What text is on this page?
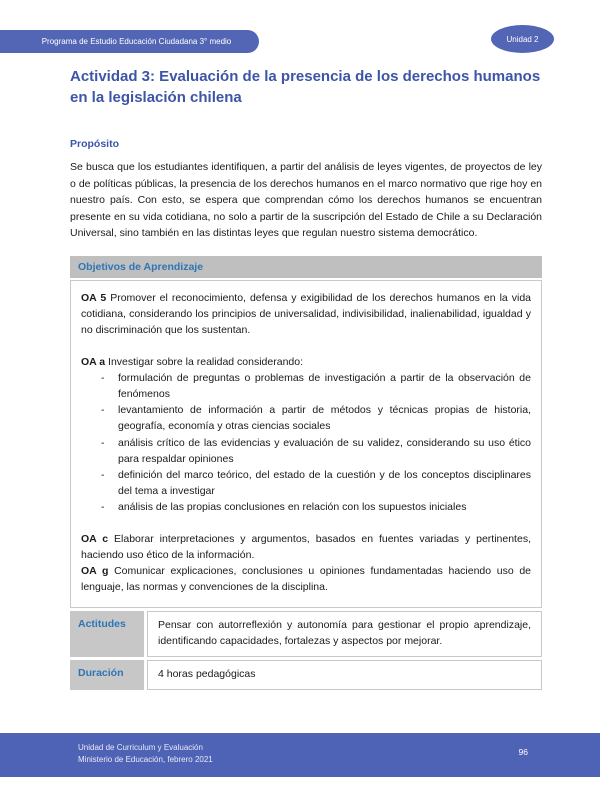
Programa de Estudio Educación Ciudadana 3° medio	Unidad 2
Actividad 3: Evaluación de la presencia de los derechos humanos en la legislación chilena
Propósito

Se busca que los estudiantes identifiquen, a partir del análisis de leyes vigentes, de proyectos de ley o de políticas públicas, la presencia de los derechos humanos en el marco normativo que rige hoy en nuestro país. Con esto, se espera que comprendan cómo los derechos humanos se encuentran presente en su vida cotidiana, no solo a partir de la suscripción del Estado de Chile a su Declaración Universal, sino también en las distintas leyes que regulan nuestro sistema democrático.

Objetivos de Aprendizaje

OA 5 Promover el reconocimiento, defensa y exigibilidad de los derechos humanos en la vida cotidiana, considerando los principios de universalidad, indivisibilidad, inalienabilidad, igualdad y no discriminación que los sustentan.

OA a Investigar sobre la realidad considerando:

- formulación de preguntas o problemas de investigación a partir de la observación de fenómenos
- levantamiento de información a partir de métodos y técnicas propias de historia, geografía, economía y otras ciencias sociales
- análisis crítico de las evidencias y evaluación de su validez, considerando su uso ético para respaldar opiniones
- definición del marco teórico, del estado de la cuestión y de los conceptos disciplinares del tema a investigar
- análisis de las propias conclusiones en relación con los supuestos iniciales

OA c Elaborar interpretaciones y argumentos, basados en fuentes variadas y pertinentes, haciendo uso ético de la información.

OA g Comunicar explicaciones, conclusiones u opiniones fundamentadas haciendo uso de lenguaje, las normas y convenciones de la disciplina.

Actitudes	Pensar con autorreflexión y autonomía para gestionar el propio aprendizaje, identificando capacidades, fortalezas y aspectos por mejorar.
Duración	4 horas pedagógicas
Unidad de Curriculum y Evaluación
Ministerio de Educación, febrero 2021
96
